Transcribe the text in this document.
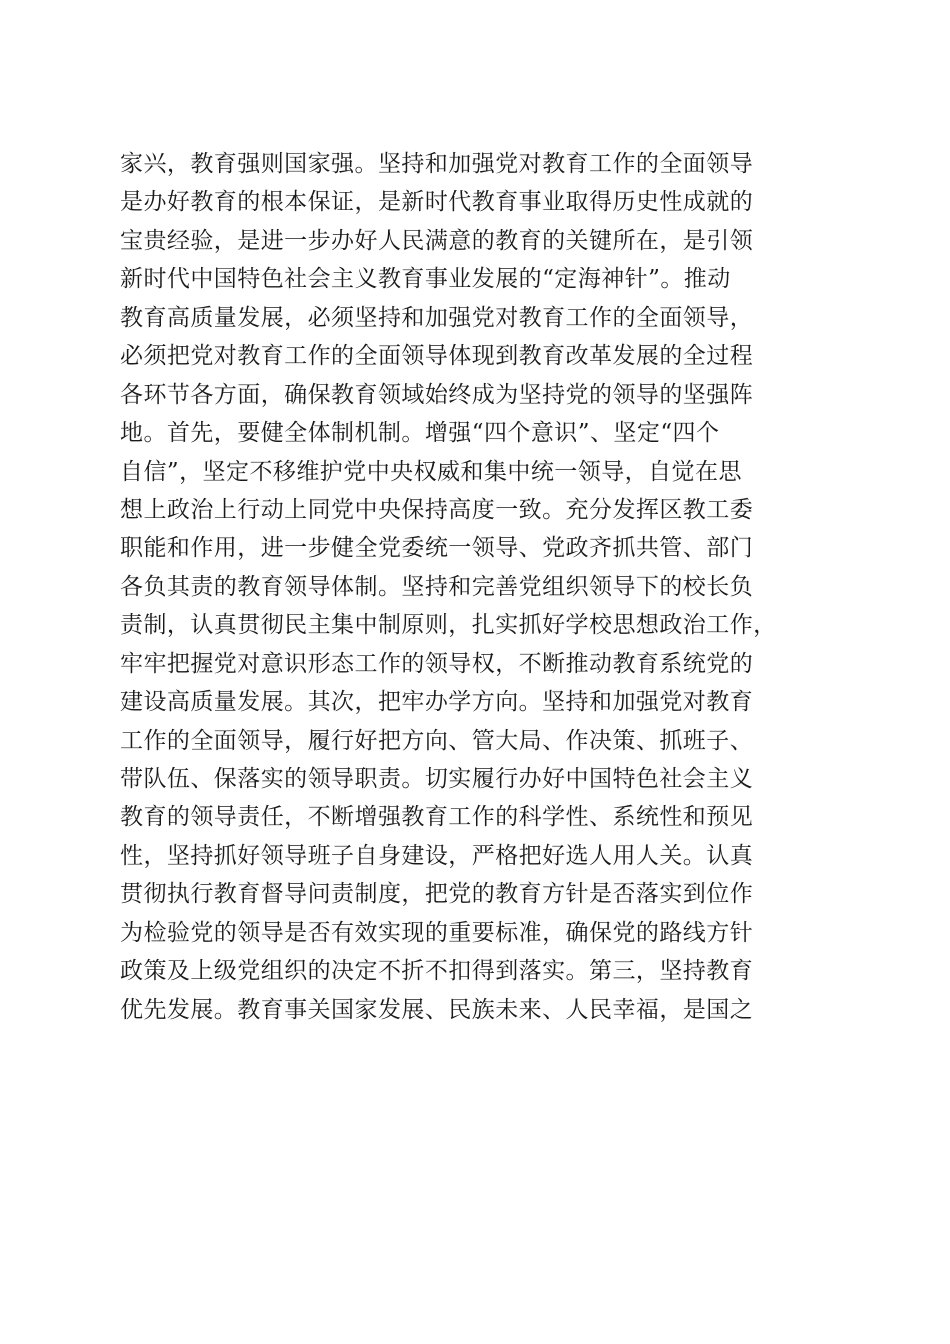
家兴，教育强则国家强。坚持和加强党对教育工作的全面领导
是办好教育的根本保证，是新时代教育事业取得历史性成就的
宝贵经验，是进一步办好人民满意的教育的关键所在，是引领
新时代中国特色社会主义教育事业发展的“定海神针”。推动
教育高质量发展，必须坚持和加强党对教育工作的全面领导，
必须把党对教育工作的全面领导体现到教育改革发展的全过程
各环节各方面，确保教育领域始终成为坚持党的领导的坚强阵
地。首先，要健全体制机制。增强“四个意识”、坚定“四个
自信”，坚定不移维护党中央权威和集中统一领导，自觉在思
想上政治上行动上同党中央保持高度一致。充分发挥区教工委
职能和作用，进一步健全党委统一领导、党政齐抓共管、部门
各负其责的教育领导体制。坚持和完善党组织领导下的校长负
责制，认真贯彻民主集中制原则，扎实抓好学校思想政治工作，
牢牢把握党对意识形态工作的领导权，不断推动教育系统党的
建设高质量发展。其次，把牢办学方向。坚持和加强党对教育
工作的全面领导，履行好把方向、管大局、作决策、抓班子、
带队伍、保落实的领导职责。切实履行办好中国特色社会主义
教育的领导责任，不断增强教育工作的科学性、系统性和预见
性，坚持抓好领导班子自身建设，严格把好选人用人关。认真
贯彻执行教育督导问责制度，把党的教育方针是否落实到位作
为检验党的领导是否有效实现的重要标准，确保党的路线方针
政策及上级党组织的决定不折不扣得到落实。第三，坚持教育
优先发展。教育事关国家发展、民族未来、人民幸福，是国之
